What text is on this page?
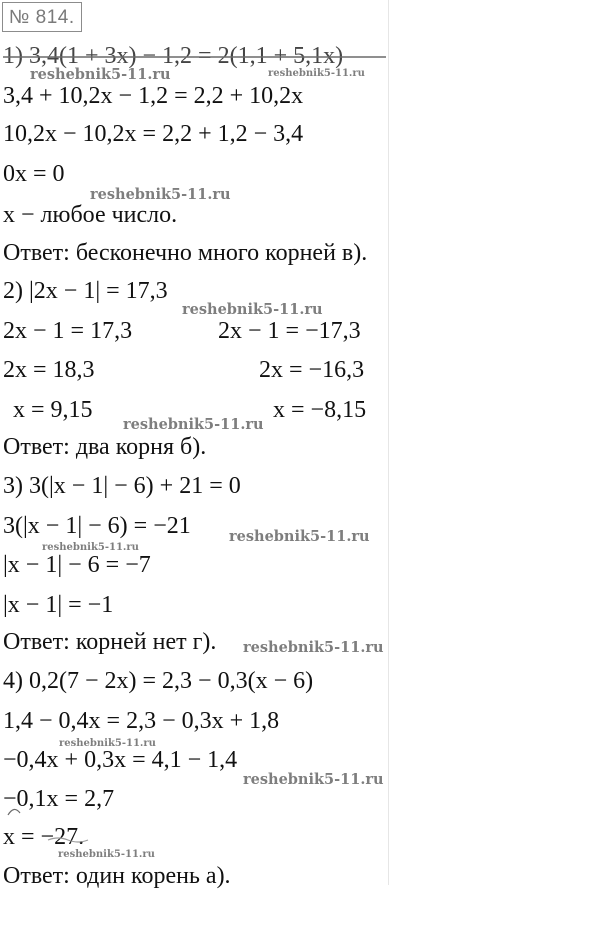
№ 814.
1) 3,4(1 + 3x) − 1,2 = 2(1,1 + 5,1x)
3,4 + 10,2x − 1,2 = 2,2 + 10,2x
10,2x − 10,2x = 2,2 + 1,2 − 3,4
0x = 0
x − любое число.
Ответ: бесконечно много корней в).
2) |2x − 1| = 17,3
2x − 1 = 17,3	2x − 1 = −17,3
2x = 18,3	2x = −16,3
x = 9,15	x = −8,15
Ответ: два корня б).
3) 3(|x − 1| − 6) + 21 = 0
3(|x − 1| − 6) = −21
|x − 1| − 6 = −7
|x − 1| = −1
Ответ: корней нет г).
4) 0,2(7 − 2x) = 2,3 − 0,3(x − 6)
1,4 − 0,4x = 2,3 − 0,3x + 1,8
−0,4x + 0,3x = 4,1 − 1,4
−0,1x = 2,7
x = −27.
Ответ: один корень а).
reshebnik5-11.ru	reshebnik5-11.ru
reshebnik5-11.ru
reshebnik5-11.ru
reshebnik5-11.ru
reshebnik5-11.ru
reshebnik5-11.ru
reshebnik5-11.ru
reshebnik5-11.ru
reshebnik5-11.ru
reshebnik5-11.ru
